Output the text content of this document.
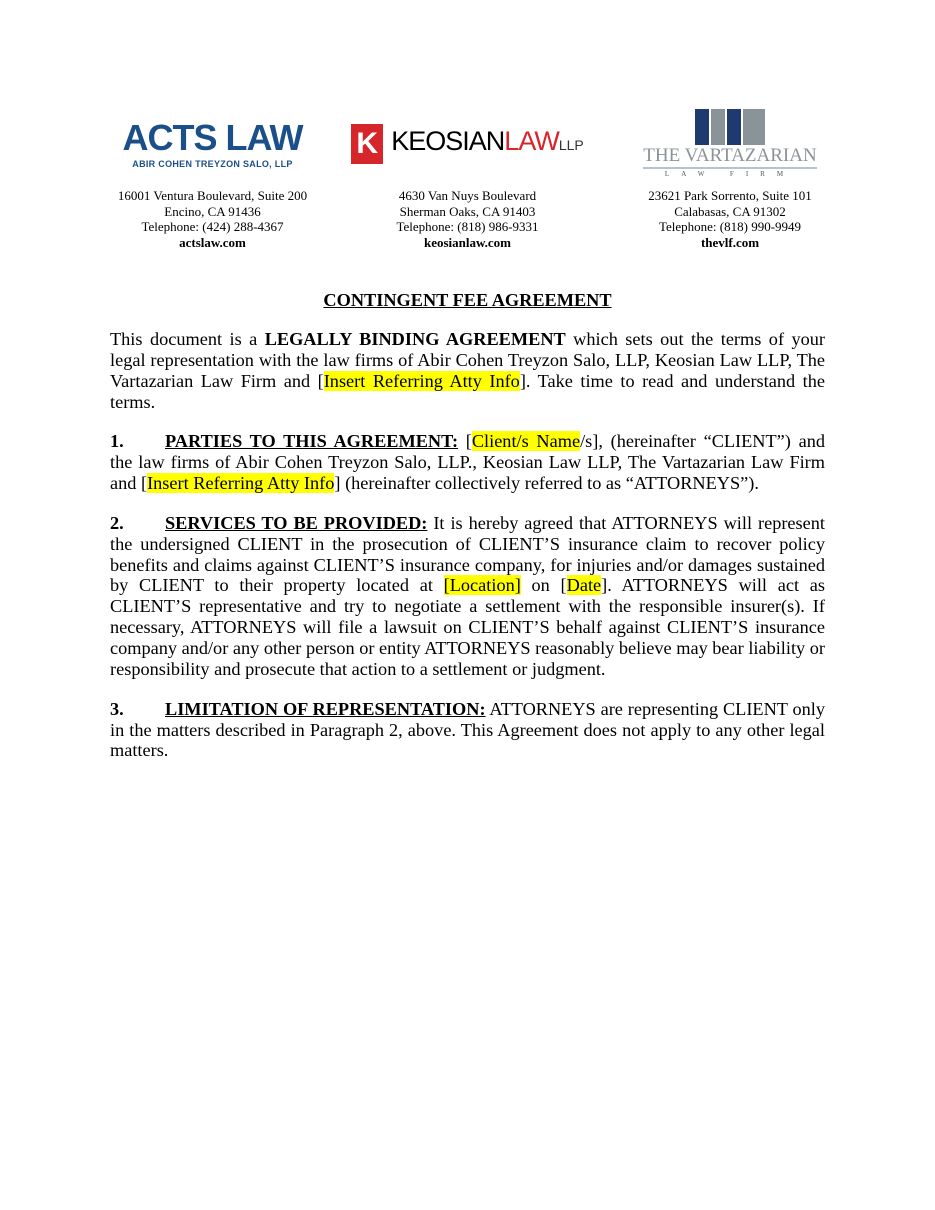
ACTS LAW
ABIR COHEN TREYZON SALO, LLP
16001 Ventura Boulevard, Suite 200
Encino, CA 91436
Telephone: (424) 288-4367
actslaw.com
K KEOSIANLAWLLP
4630 Van Nuys Boulevard
Sherman Oaks, CA 91403
Telephone: (818) 986-9331
keosianlaw.com
THE VARTAZARIAN
LAW FIRM
23621 Park Sorrento, Suite 101
Calabasas, CA 91302
Telephone: (818) 990-9949
thevlf.com
CONTINGENT FEE AGREEMENT

This document is a LEGALLY BINDING AGREEMENT which sets out the terms of your legal representation with the law firms of Abir Cohen Treyzon Salo, LLP, Keosian Law LLP, The Vartazarian Law Firm and [Insert Referring Atty Info]. Take time to read and understand the terms.

1. PARTIES TO THIS AGREEMENT: [Client/s Name/s], (hereinafter “CLIENT”) and the law firms of Abir Cohen Treyzon Salo, LLP., Keosian Law LLP, The Vartazarian Law Firm and [Insert Referring Atty Info] (hereinafter collectively referred to as “ATTORNEYS”).

2. SERVICES TO BE PROVIDED: It is hereby agreed that ATTORNEYS will represent the undersigned CLIENT in the prosecution of CLIENT’S insurance claim to recover policy benefits and claims against CLIENT’S insurance company, for injuries and/or damages sustained by CLIENT to their property located at [Location] on [Date]. ATTORNEYS will act as CLIENT’S representative and try to negotiate a settlement with the responsible insurer(s). If necessary, ATTORNEYS will file a lawsuit on CLIENT’S behalf against CLIENT’S insurance company and/or any other person or entity ATTORNEYS reasonably believe may bear liability or responsibility and prosecute that action to a settlement or judgment.

3. LIMITATION OF REPRESENTATION: ATTORNEYS are representing CLIENT only in the matters described in Paragraph 2, above. This Agreement does not apply to any other legal matters.
